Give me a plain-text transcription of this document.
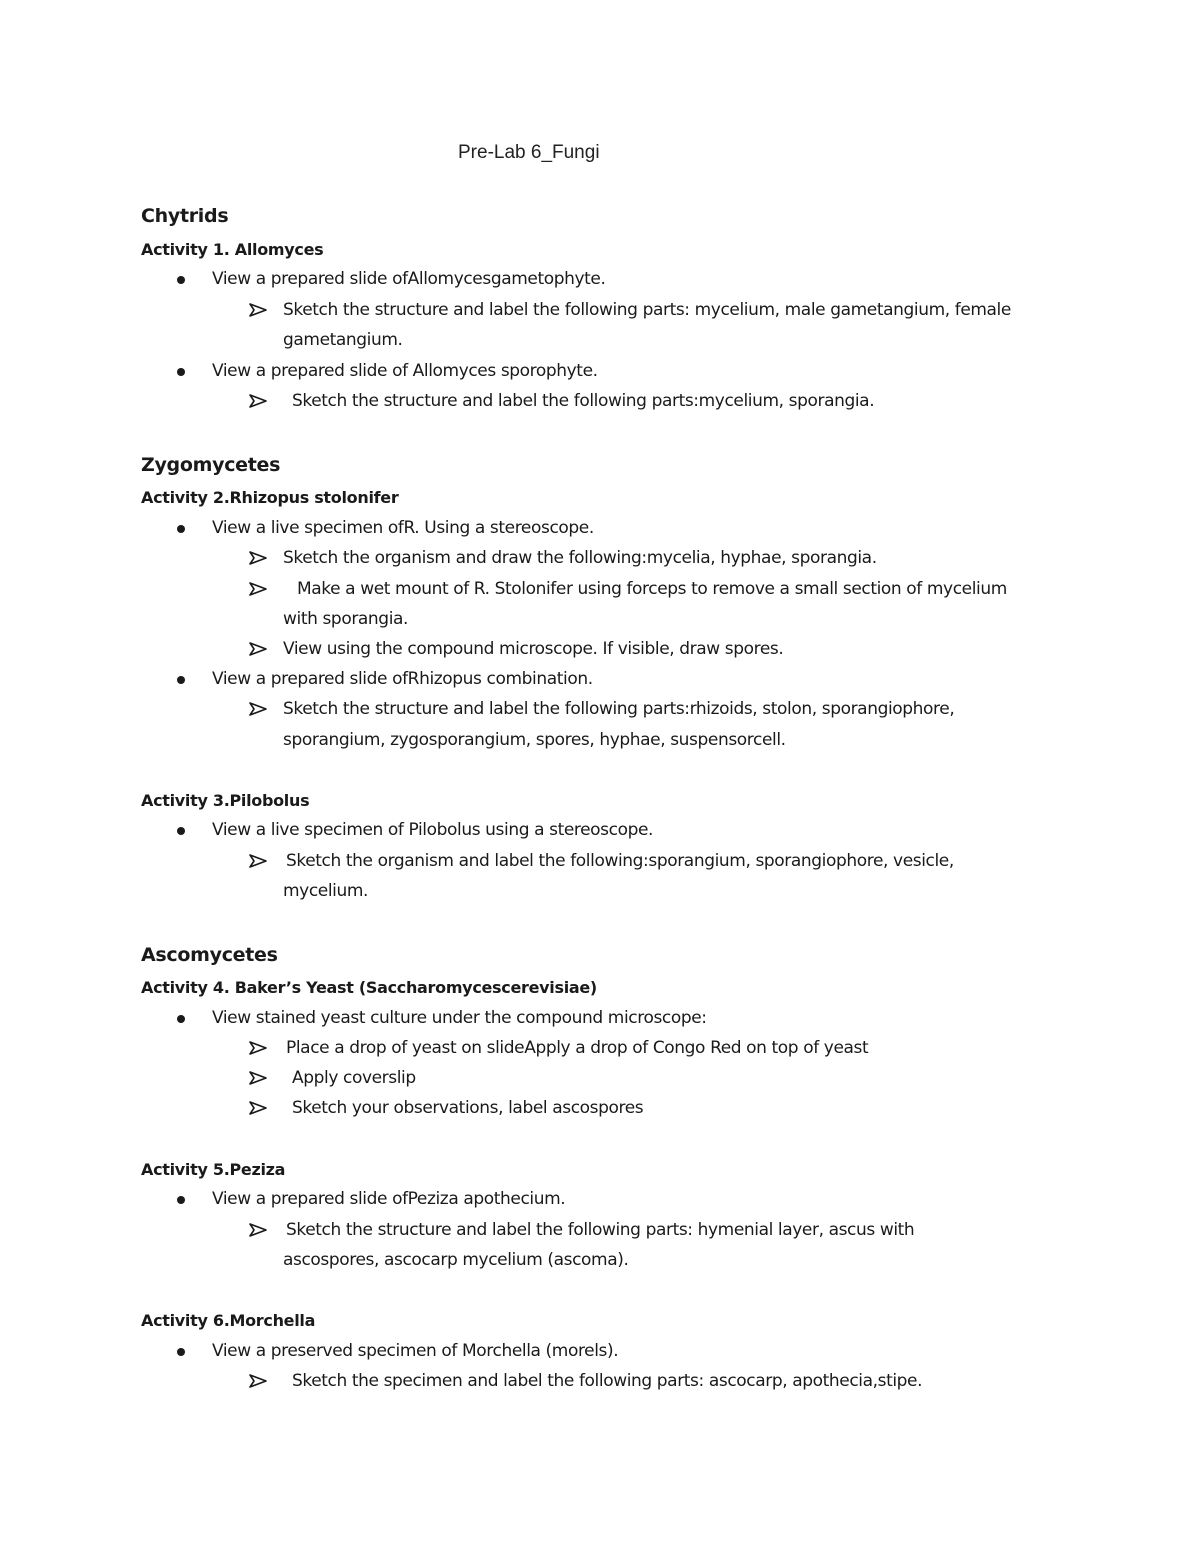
Pre-Lab 6_Fungi
Chytrids
Activity 1. Allomyces
View a prepared slide ofAllomycesgametophyte.
Sketch the structure and label the following parts: mycelium, male gametangium, female
gametangium.
View a prepared slide of Allomyces sporophyte.
Sketch the structure and label the following parts:mycelium, sporangia.
Zygomycetes
Activity 2.Rhizopus stolonifer
View a live specimen ofR. Using a stereoscope.
Sketch the organism and draw the following:mycelia, hyphae, sporangia.
Make a wet mount of R. Stolonifer using forceps to remove a small section of mycelium
with sporangia.
View using the compound microscope. If visible, draw spores.
View a prepared slide ofRhizopus combination.
Sketch the structure and label the following parts:rhizoids, stolon, sporangiophore,
sporangium, zygosporangium, spores, hyphae, suspensorcell.
Activity 3.Pilobolus
View a live specimen of Pilobolus using a stereoscope.
Sketch the organism and label the following:sporangium, sporangiophore, vesicle,
mycelium.
Ascomycetes
Activity 4. Baker’s Yeast (Saccharomycescerevisiae)
View stained yeast culture under the compound microscope:
Place a drop of yeast on slideApply a drop of Congo Red on top of yeast
Apply coverslip
Sketch your observations, label ascospores
Activity 5.Peziza
View a prepared slide ofPeziza apothecium.
Sketch the structure and label the following parts: hymenial layer, ascus with
ascospores, ascocarp mycelium (ascoma).
Activity 6.Morchella
View a preserved specimen of Morchella (morels).
Sketch the specimen and label the following parts: ascocarp, apothecia,stipe.
